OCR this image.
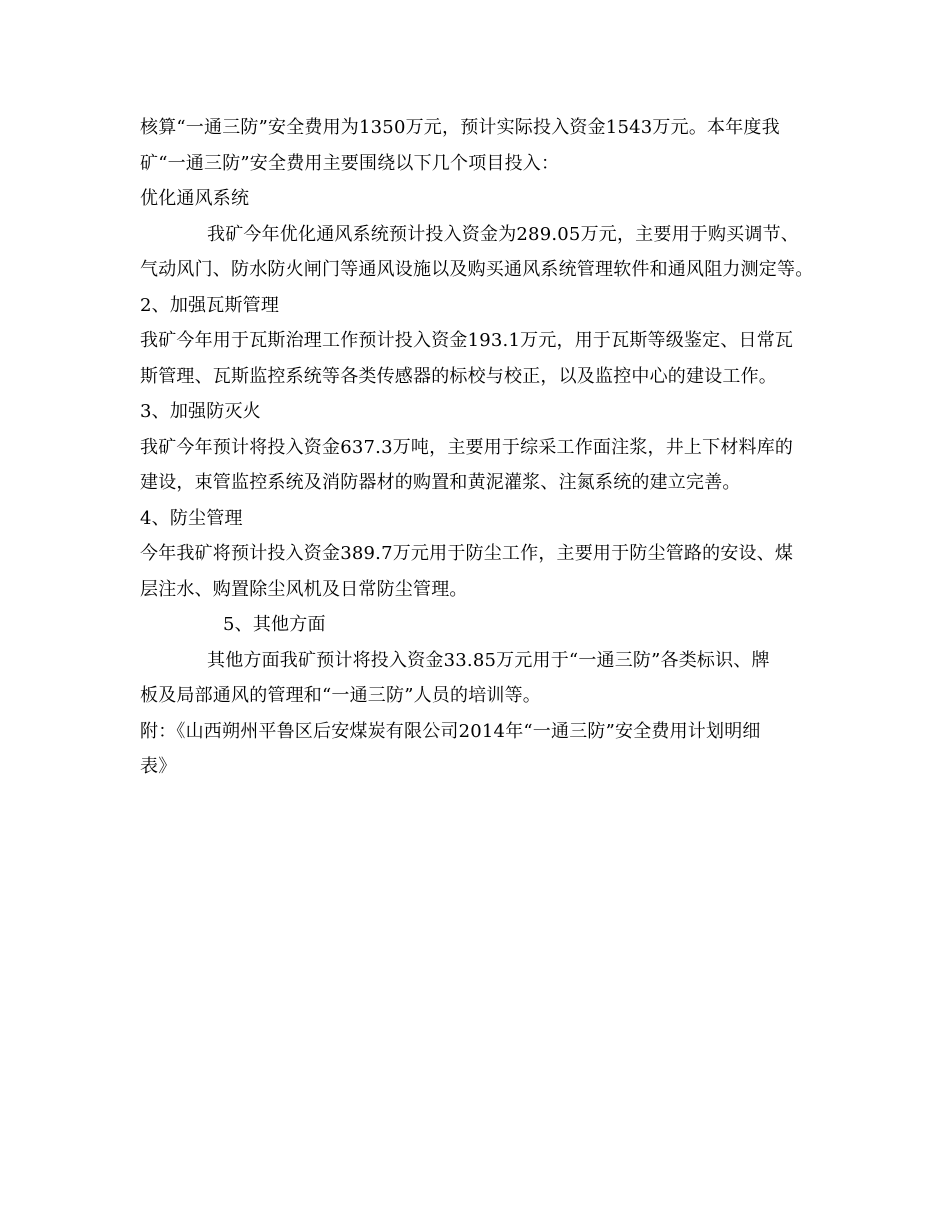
核算“一通三防”安全费用为1350万元，预计实际投入资金1543万元。本年度我
矿“一通三防”安全费用主要围绕以下几个项目投入：
优化通风系统
我矿今年优化通风系统预计投入资金为289.05万元，主要用于购买调节、
气动风门、防水防火闸门等通风设施以及购买通风系统管理软件和通风阻力测定等。
2、加强瓦斯管理
我矿今年用于瓦斯治理工作预计投入资金193.1万元，用于瓦斯等级鉴定、日常瓦
斯管理、瓦斯监控系统等各类传感器的标校与校正，以及监控中心的建设工作。
3、加强防灭火
我矿今年预计将投入资金637.3万吨，主要用于综采工作面注浆，井上下材料库的
建设，束管监控系统及消防器材的购置和黄泥灌浆、注氮系统的建立完善。
4、防尘管理
今年我矿将预计投入资金389.7万元用于防尘工作，主要用于防尘管路的安设、煤
层注水、购置除尘风机及日常防尘管理。
5、其他方面
其他方面我矿预计将投入资金33.85万元用于“一通三防”各类标识、牌
板及局部通风的管理和“一通三防”人员的培训等。
附：《山西朔州平鲁区后安煤炭有限公司2014年“一通三防”安全费用计划明细
表》
